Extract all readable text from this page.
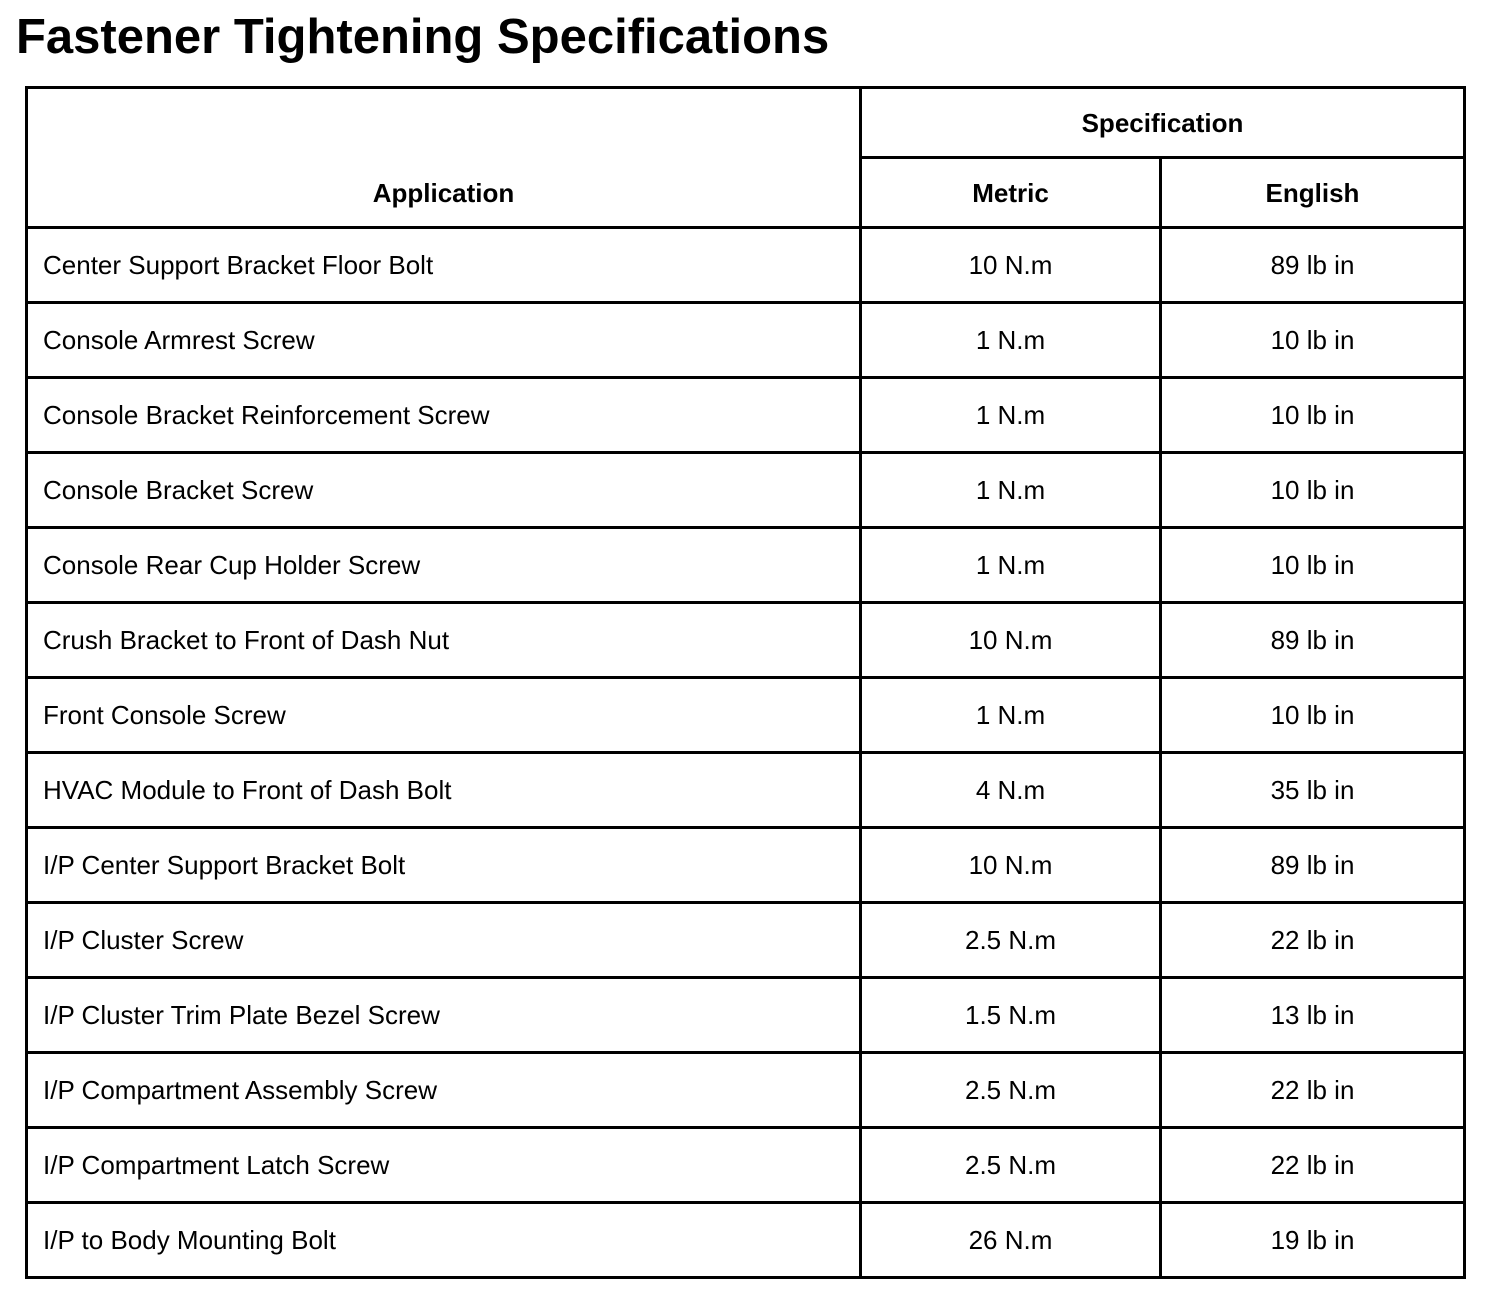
Fastener Tightening Specifications
Application	Specification	
	Metric	English
Center Support Bracket Floor Bolt	10 N.m	89 lb in
Console Armrest Screw	1 N.m	10 lb in
Console Bracket Reinforcement Screw	1 N.m	10 lb in
Console Bracket Screw	1 N.m	10 lb in
Console Rear Cup Holder Screw	1 N.m	10 lb in
Crush Bracket to Front of Dash Nut	10 N.m	89 lb in
Front Console Screw	1 N.m	10 lb in
HVAC Module to Front of Dash Bolt	4 N.m	35 lb in
I/P Center Support Bracket Bolt	10 N.m	89 lb in
I/P Cluster Screw	2.5 N.m	22 lb in
I/P Cluster Trim Plate Bezel Screw	1.5 N.m	13 lb in
I/P Compartment Assembly Screw	2.5 N.m	22 lb in
I/P Compartment Latch Screw	2.5 N.m	22 lb in
I/P to Body Mounting Bolt	26 N.m	19 lb in
